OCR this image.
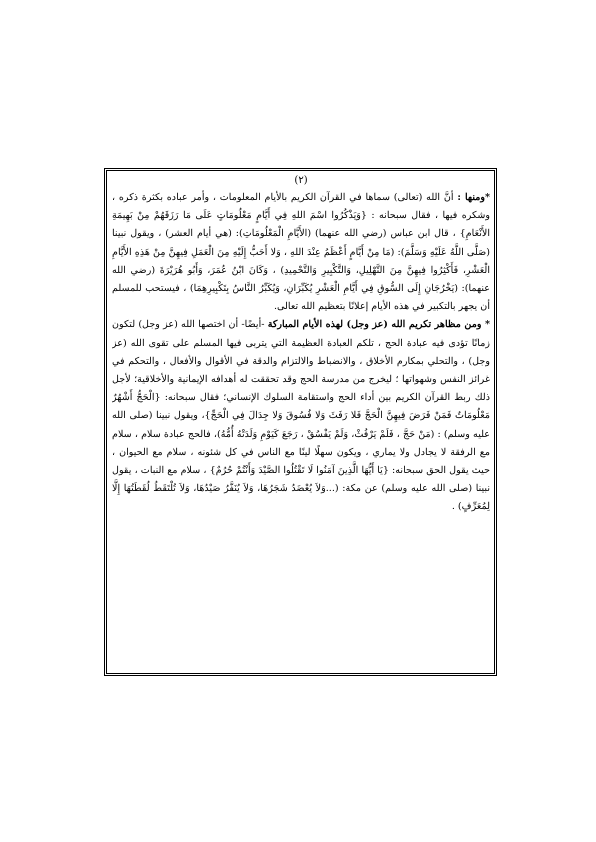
(٢)

*ومنها : أنَّ الله (تعالى) سماها في القرآن الكريم بالأيام المعلومات ، وأمر عباده بكثرة ذكره ، وشكره فيها ، فقال سبحانه : {وَيَذْكُرُوا اسْمَ اللهِ فِي أَيَّامٍ مَعْلُومَاتٍ عَلَى مَا رَزَقَهُمْ مِنْ بَهِيمَةِ الأَنْعَامِ} ، قال ابن عباس (رضي الله عنهما) (الأَيَّامِ الْمَعْلُومَاتِ): (هي أيام العشر) ، ويقول نبينا (صَلَّى اللَّهُ عَلَيْهِ وَسَلَّمَ): (مَا مِنْ أَيَّامٍ أَعْظَمُ عِنْدَ اللهِ ، وَلا أَحَبُّ إِلَيْهِ مِنَ الْعَمَلِ فِيهِنَّ مِنْ هَذِهِ الأَيَّامِ الْعَشْرِ، فَأَكْثِرُوا فِيهِنَّ مِنَ التَّهْلِيلِ، وَالتَّكْبِيرِ وَالتَّحْمِيدِ) ، وَكَانَ ابْنُ عُمَرَ، وَأَبُو هُرَيْرَةَ (رضي الله عنهما): (يَخْرُجَانِ إِلَى السُّوقِ فِي أَيَّامِ الْعَشْرِ يُكَبِّرَانِ، وَيُكَبِّرُ النَّاسُ بِتَكْبِيرِهِمَا) ، فيستحب للمسلم أن يجهر بالتكبير في هذه الأيام إعلانًا بتعظيم الله تعالى.

* ومن مظاهر تكريم الله (عز وجل) لهذه الأيام المباركة -أيضًا- أن اختصها الله (عز وجل) لتكون زمانًا تؤدى فيه عبادة الحج ، تلكم العبادة العظيمة التي يتربى فيها المسلم على تقوى الله (عز وجل) ، والتحلي بمكارم الأخلاق ، والانضباط والالتزام والدقة في الأقوال والأفعال ، والتحكم في غرائز النفس وشهواتها ؛ ليخرج من مدرسة الحج وقد تحققت له أهدافه الإيمانية والأخلاقية؛ لأجل ذلك ربط القرآن الكريم بين أداء الحج واستقامة السلوك الإنساني؛ فقال سبحانه: {الْحَجُّ أَشْهُرٌ مَعْلُومَاتٌ فَمَنْ فَرَضَ فِيهِنَّ الْحَجَّ فَلا رَفَثَ وَلا فُسُوقَ وَلا جِدَالَ فِي الْحَجِّ}، ويقول نبينا (صلى الله عليه وسلم) : (مَنْ حَجَّ ، فَلَمْ يَرْفُثْ، وَلَمْ يَفْسُقْ ، رَجَعَ كَيَوْمِ وَلَدَتْهُ أُمُّهُ)، فالحج عبادة سلام ، سلام مع الرفقة لا يجادل ولا يماري ، ويكون سهلًا لينًا مع الناس في كل شئونه ، سلام مع الحيوان ، حيث يقول الحق سبحانه: {يَا أَيُّهَا الَّذِينَ آمَنُوا لَا تَقْتُلُوا الصَّيْدَ وَأَنْتُمْ حُرُمٌ} ، سلام مع النبات ، يقول نبينا (صلى الله عليه وسلم) عن مكة: (...وَلاَ يُعْضَدُ شَجَرُهَا، وَلاَ يُنَفَّرُ صَيْدُهَا، وَلاَ تُلْتَقَطُ لُقَطَتُهَا إِلَّا لِمُعَرِّفٍ) .
